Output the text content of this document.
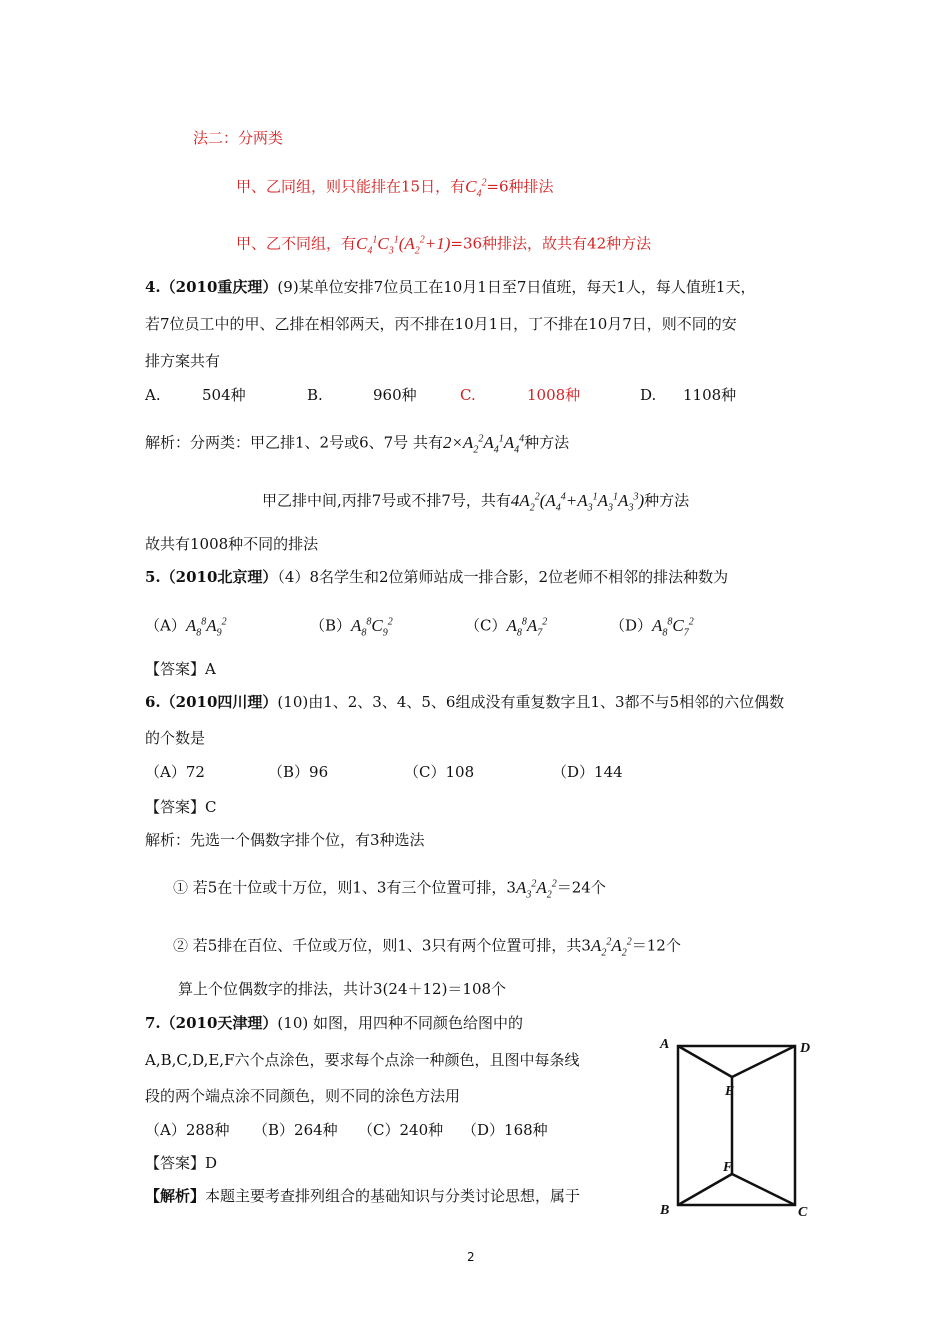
法二：分两类
甲、乙同组，则只能排在15日，有$C_4^2=6$种排法
甲、乙不同组，有$C_4^1C_3^1(A_2^2+1)=36$种排法，故共有42种方法
4.（2010重庆理）(9)某单位安排7位员工在10月1日至7日值班，每天1人，每人值班1天，
若7位员工中的甲、乙排在相邻两天，丙不排在10月1日，丁不排在10月7日，则不同的安
排方案共有
A.	504种	B.	960种	C.	1008种	D. 1108种
解析：分两类：甲乙排1、2号或6、7号 共有$2\times A_2^2A_4^1A_4^4$种方法
甲乙排中间,丙排7号或不排7号，共有$4A_2^2(A_4^4+A_3^1A_3^1A_3^3)$种方法
故共有1008种不同的排法
5.（2010北京理）（4）8名学生和2位第师站成一排合影，2位老师不相邻的排法种数为
$(A)A_8^8A_9^2$	$(B)A_8^8C_9^2$	$(C)A_8^8A_7^2$	$(D)A_8^8C_7^2$
【答案】A
6.（2010四川理）(10)由1、2、3、4、5、6组成没有重复数字且1、3都不与5相邻的六位偶数
的个数是
（A）72	（B）96	（C）108	（D）144
【答案】C
解析：先选一个偶数字排个位，有3种选法
① 若5在十位或十万位，则1、3有三个位置可排，$3A_3^2A_2^2=24$个
② 若5排在百位、千位或万位，则1、3只有两个位置可排，共$3A_2^2A_2^2=12$个
算上个位偶数字的排法，共计3(24＋12)＝108个
7.（2010天津理）(10) 如图，用四种不同颜色给图中的
A,B,C,D,E,F六个点涂色，要求每个点涂一种颜色，且图中每条线
段的两个端点涂不同颜色，则不同的涂色方法用
（A）288种 （B）264种 （C）240种 （D）168种
【答案】D
【解析】本题主要考查排列组合的基础知识与分类讨论思想，属于
A	D
E
F
B	C
2
